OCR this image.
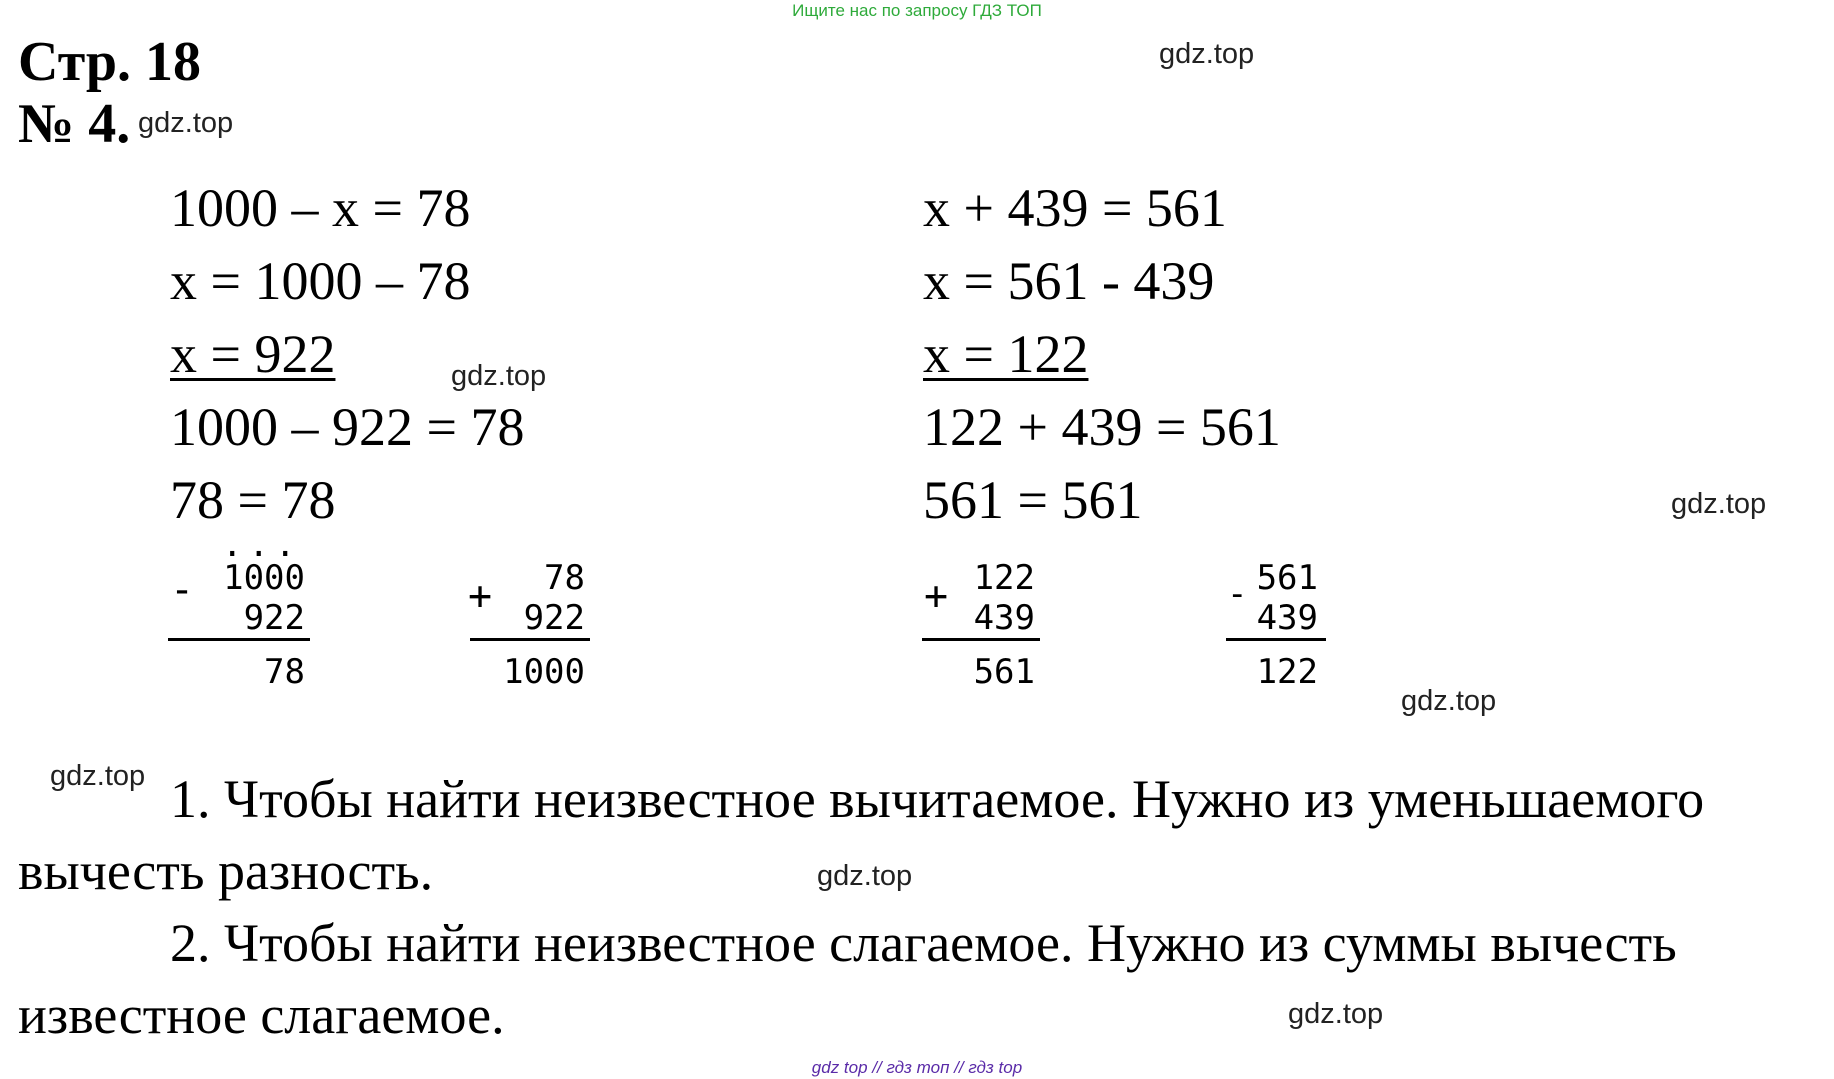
Ищите нас по запросу ГДЗ ТОП
Стр. 18
№ 4.
gdz.top
gdz.top
gdz.top
gdz.top
gdz.top
gdz.top
gdz.top
gdz.top
1000 – x = 78
x = 1000 – 78
x = 922
1000 – 922 = 78
78 = 78
...
- 1000
922
78
+	78
922
1000
x + 439 = 561
x = 561 - 439
x = 122
122 + 439 = 561
561 = 561
+ 122
439
561
- 561
439
122
1. Чтобы найти неизвестное вычитаемое. Нужно из уменьшаемого
вычесть разность.
2. Чтобы найти неизвестное слагаемое. Нужно из суммы вычесть
известное слагаемое.
gdz top // гдз топ // гдз top
